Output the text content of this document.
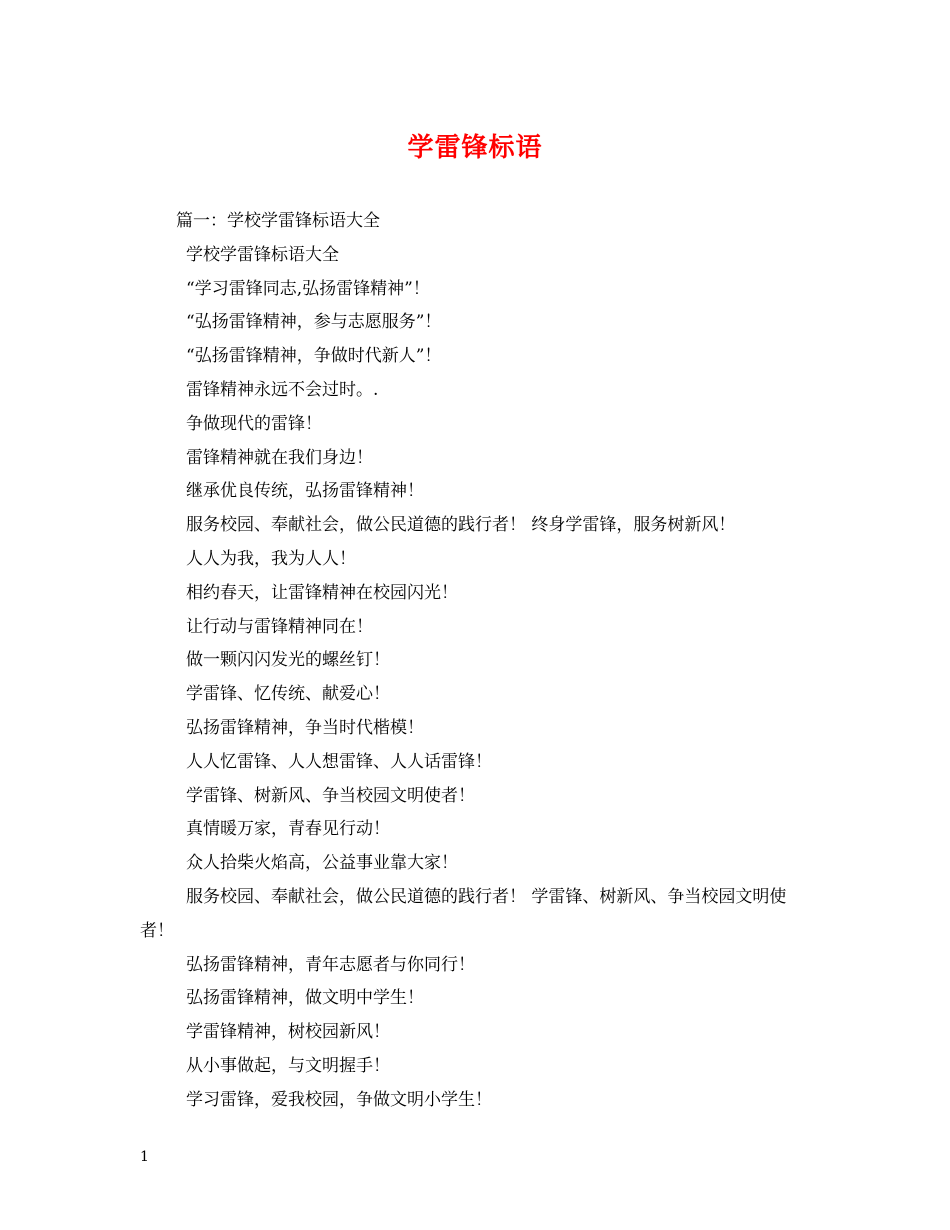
学雷锋标语
篇一：学校学雷锋标语大全
学校学雷锋标语大全
“学习雷锋同志,弘扬雷锋精神”！
“弘扬雷锋精神，参与志愿服务”！
“弘扬雷锋精神，争做时代新人”！
雷锋精神永远不会过时。.
争做现代的雷锋！
雷锋精神就在我们身边！
继承优良传统，弘扬雷锋精神！
服务校园、奉献社会，做公民道德的践行者！ 终身学雷锋，服务树新风！
人人为我，我为人人！
相约春天，让雷锋精神在校园闪光！
让行动与雷锋精神同在！
做一颗闪闪发光的螺丝钉！
学雷锋、忆传统、献爱心！
弘扬雷锋精神，争当时代楷模！
人人忆雷锋、人人想雷锋、人人话雷锋！
学雷锋、树新风、争当校园文明使者！
真情暖万家，青春见行动！
众人拾柴火焰高，公益事业靠大家！
服务校园、奉献社会，做公民道德的践行者！ 学雷锋、树新风、争当校园文明使者！
弘扬雷锋精神，青年志愿者与你同行！
弘扬雷锋精神，做文明中学生！
学雷锋精神，树校园新风！
从小事做起，与文明握手！
学习雷锋，爱我校园，争做文明小学生！
1
